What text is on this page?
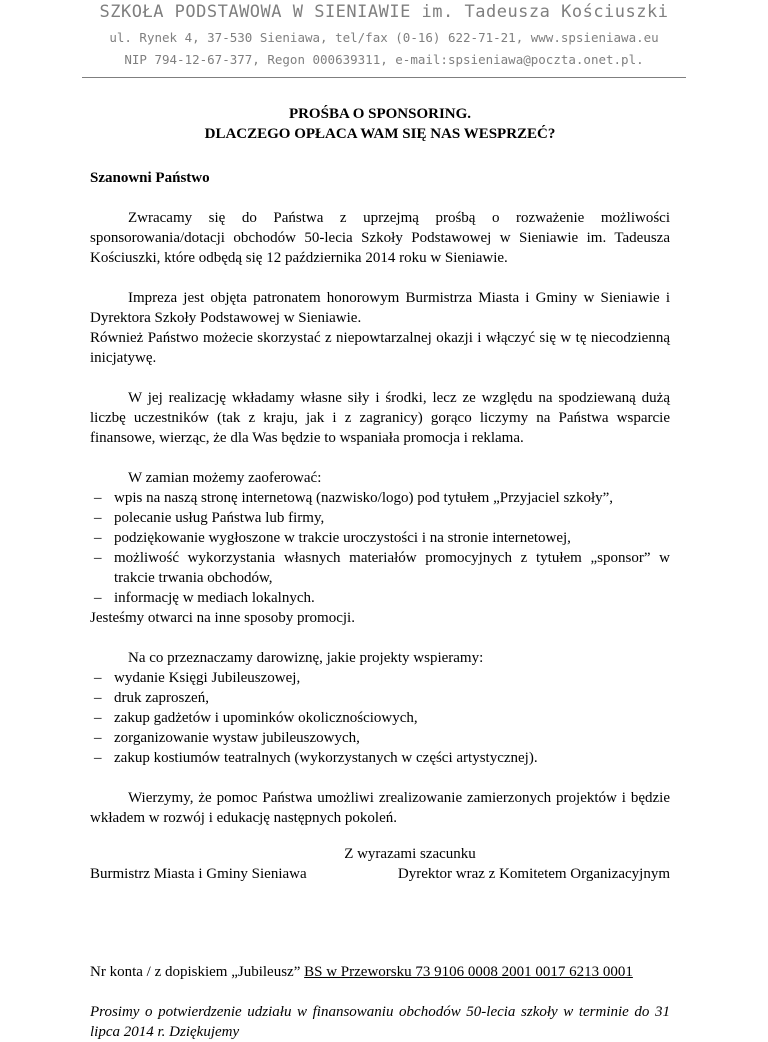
SZKOŁA PODSTAWOWA W SIENIAWIE im. Tadeusza Kościuszki
ul. Rynek 4, 37-530 Sieniawa, tel/fax (0-16) 622-71-21, www.spsieniawa.eu
NIP 794-12-67-377, Regon 000639311, e-mail:spsieniawa@poczta.onet.pl.
PROŚBA O SPONSORING.
DLACZEGO OPŁACA WAM SIĘ NAS WESPRZEĆ?
Szanowni Państwo

Zwracamy się do Państwa z uprzejmą prośbą o rozważenie możliwości sponsorowania/dotacji obchodów 50-lecia Szkoły Podstawowej w Sieniawie im. Tadeusza Kościuszki, które odbędą się 12 października 2014 roku w Sieniawie.

Impreza jest objęta patronatem honorowym Burmistrza Miasta i Gminy w Sieniawie i Dyrektora Szkoły Podstawowej w Sieniawie.

Również Państwo możecie skorzystać z niepowtarzalnej okazji i włączyć się w tę niecodzienną inicjatywę.

W jej realizację wkładamy własne siły i środki, lecz ze względu na spodziewaną dużą liczbę uczestników (tak z kraju, jak i z zagranicy) gorąco liczymy na Państwa wsparcie finansowe, wierząc, że dla Was będzie to wspaniała promocja i reklama.

W zamian możemy zaoferować:

– wpis na naszą stronę internetową (nazwisko/logo) pod tytułem „Przyjaciel szkoły”,
– polecanie usług Państwa lub firmy,
– podziękowanie wygłoszone w trakcie uroczystości i na stronie internetowej,
– możliwość wykorzystania własnych materiałów promocyjnych z tytułem „sponsor” w trakcie trwania obchodów,
– informację w mediach lokalnych.
Jesteśmy otwarci na inne sposoby promocji.

Na co przeznaczamy darowiznę, jakie projekty wspieramy:

– wydanie Księgi Jubileuszowej,
– druk zaproszeń,
– zakup gadżetów i upominków okolicznościowych,
– zorganizowanie wystaw jubileuszowych,
– zakup kostiumów teatralnych (wykorzystanych w części artystycznej).

Wierzymy, że pomoc Państwa umożliwi zrealizowanie zamierzonych projektów i będzie wkładem w rozwój i edukację następnych pokoleń.

Z wyrazami szacunku
Burmistrz Miasta i Gminy Sieniawa	Dyrektor wraz z Komitetem Organizacyjnym
Nr konta / z dopiskiem „Jubileusz” BS w Przeworsku 73 9106 0008 2001 0017 6213 0001
Prosimy o potwierdzenie udziału w finansowaniu obchodów 50-lecia szkoły w terminie do 31 lipca 2014 r. Dziękujemy
